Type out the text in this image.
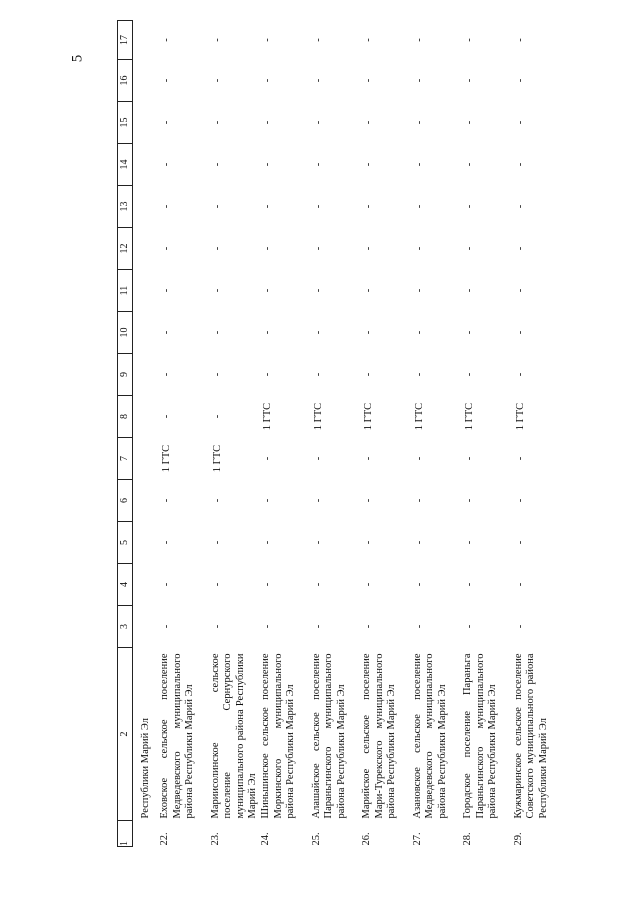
5
1	2	3	4	5	6	7	8	9	10	11	12	13	14	15	16	17
	Республики Марий Эл															
22.	Еховское сельское поселение Медведевского муниципального района Республики Марий Эл	-	-	-	-	1 ГТС	-	-	-	-	-	-	-	-	-	-
23.	Мариисолинское сельское поселение Сернурского муниципального района Республики Марий Эл	-	-	-	-	1 ГТС	-	-	-	-	-	-	-	-	-	-
24.	Шиньшинское сельское поселение Моркинского муниципального района Республики Марий Эл	-	-	-	-	-	1 ГТС	-	-	-	-	-	-	-	-	-
25.	Алашайское сельское поселение Параньгинского муниципального района Республики Марий Эл	-	-	-	-	-	1 ГТС	-	-	-	-	-	-	-	-	-
26.	Марийское сельское поселение Мари-Турекского муниципального района Республики Марий Эл	-	-	-	-	-	1 ГТС	-	-	-	-	-	-	-	-	-
27.	Азановское сельское поселение Медведевского муниципального района Республики Марий Эл	-	-	-	-	-	1 ГТС	-	-	-	-	-	-	-	-	-
28.	Городское поселение Параньга Параньгинского муниципального района Республики Марий Эл	-	-	-	-	-	1 ГТС	-	-	-	-	-	-	-	-	-
29.	Кужмаринское сельское поселение Советского муниципального района Республики Марий Эл	-	-	-	-	-	1 ГТС	-	-	-	-	-	-	-	-	-
